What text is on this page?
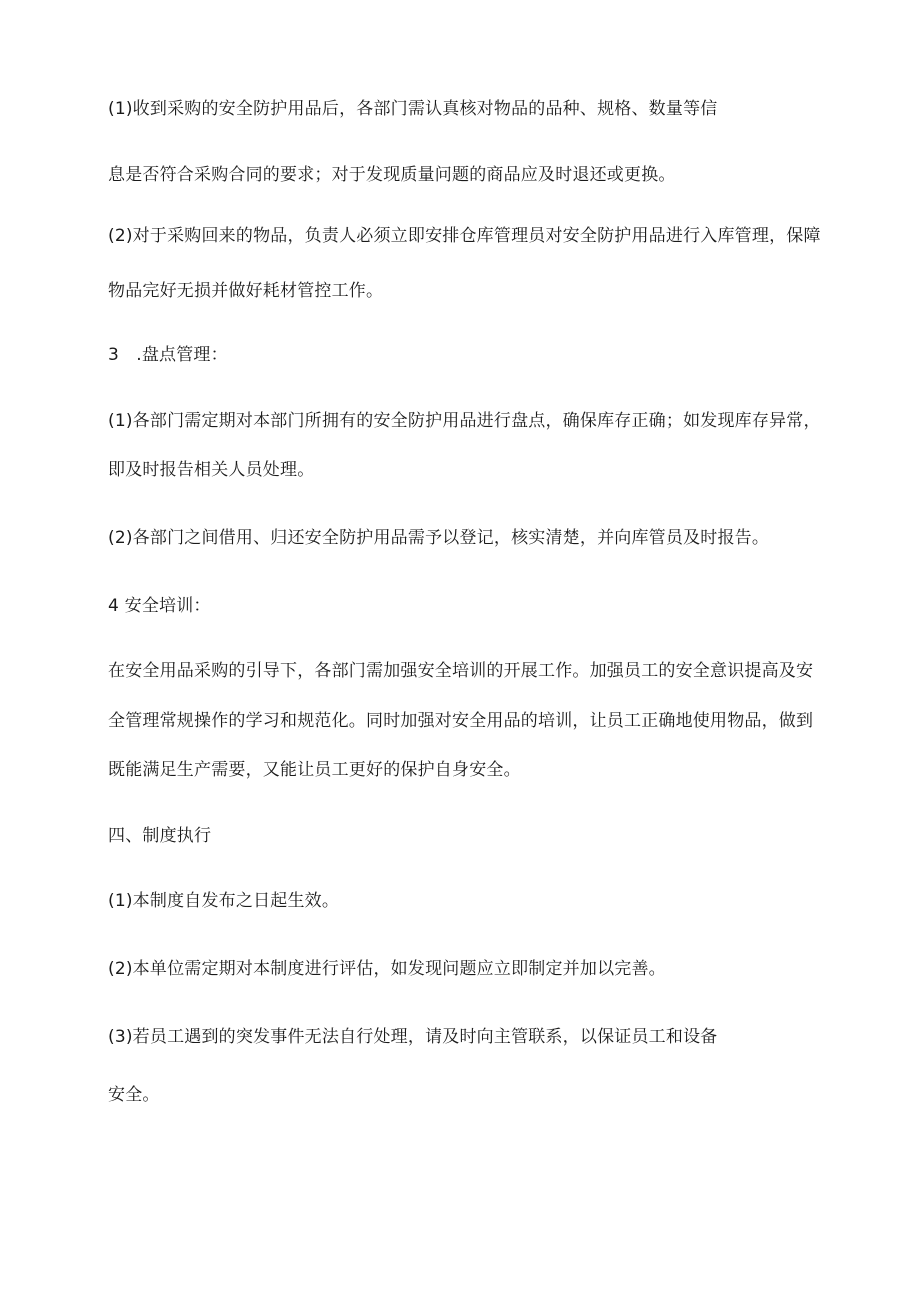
(1)收到采购的安全防护用品后，各部门需认真核对物品的品种、规格、数量等信
息是否符合采购合同的要求；对于发现质量问题的商品应及时退还或更换。
(2)对于采购回来的物品，负责人必须立即安排仓库管理员对安全防护用品进行入库管理，保障
物品完好无损并做好耗材管控工作。
3　.盘点管理：
(1)各部门需定期对本部门所拥有的安全防护用品进行盘点，确保库存正确；如发现库存异常，
即及时报告相关人员处理。
(2)各部门之间借用、归还安全防护用品需予以登记，核实清楚，并向库管员及时报告。
4 安全培训：
在安全用品采购的引导下，各部门需加强安全培训的开展工作。加强员工的安全意识提高及安
全管理常规操作的学习和规范化。同时加强对安全用品的培训，让员工正确地使用物品，做到
既能满足生产需要，又能让员工更好的保护自身安全。
四、制度执行
(1)本制度自发布之日起生效。
(2)本单位需定期对本制度进行评估，如发现问题应立即制定并加以完善。
(3)若员工遇到的突发事件无法自行处理，请及时向主管联系，以保证员工和设备
安全。
